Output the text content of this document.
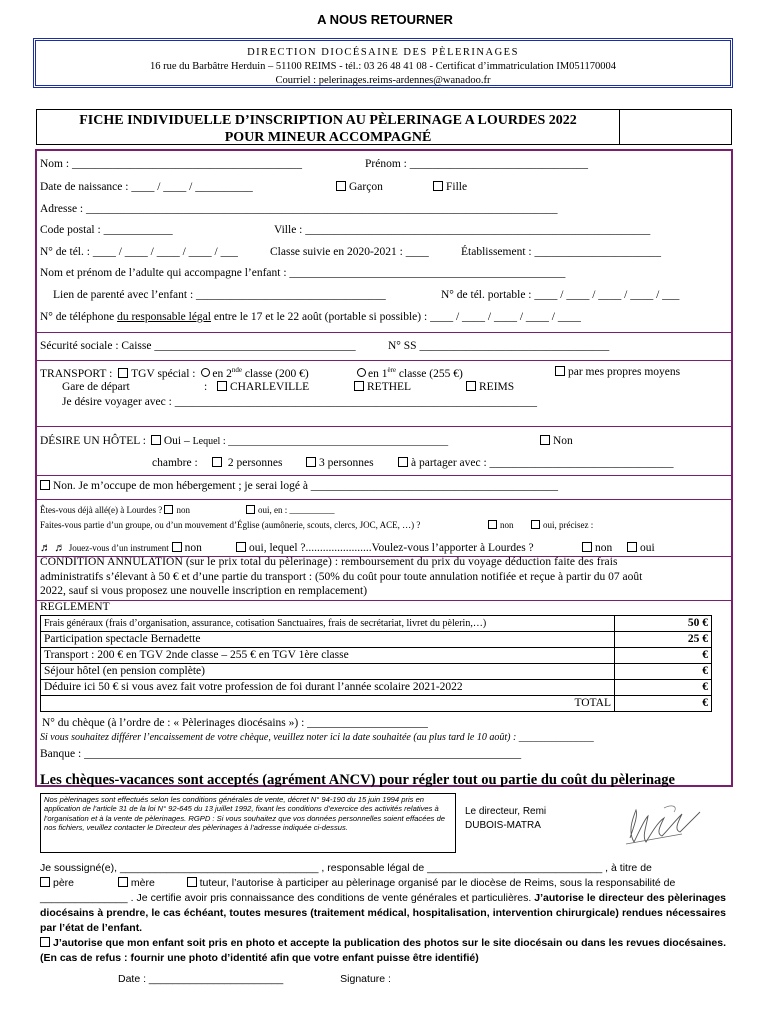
A NOUS RETOURNER
DIRECTION DIOCÉSAINE DES PÈLERINAGES
16 rue du Barbâtre Herduin – 51100 REIMS - tél.: 03 26 48 41 08 - Certificat d’immatriculation IM051170004
Courriel : pelerinages.reims-ardennes@wanadoo.fr
FICHE INDIVIDUELLE D’INSCRIPTION AU PÈLERINAGE A LOURDES 2022
POUR MINEUR ACCOMPAGNÉ
Nom : ________________________________________	Prénom : _______________________________
Date de naissance : ____ / ____ / __________	Garçon	Fille
Adresse : __________________________________________________________________________________
Code postal : ____________	Ville : ____________________________________________________________
N° de tél. : ____ / ____ / ____ / ____ / ___	Classe suivie en 2020-2021 : ____	Établissement : ______________________
Nom et prénom de l’adulte qui accompagne l’enfant : ________________________________________________
Lien de parenté avec l’enfant : _________________________________	N° de tél. portable : ____ / ____ / ____ / ____ / ___
N° de téléphone du responsable légal entre le 17 et le 22 août (portable si possible) : ____ / ____ / ____ / ____ / ____
Sécurité sociale : Caisse ___________________________________	N° SS _________________________________
TRANSPORT : TGV spécial : en 2nde classe (200 €)	en 1ère classe (255 €)	par mes propres moyens
Gare de départ	:	CHARLEVILLE	RETHEL	REIMS
Je désire voyager avec : _______________________________________________________________
DÉSIRE UN HÔTEL : Oui – Lequel : ____________________________________________	Non
chambre :	2 personnes	3 personnes	à partager avec : ________________________________
Non. Je m’occupe de mon hébergement ; je serai logé à ___________________________________________
Êtes-vous déjà allé(e) à Lourdes ? non	oui, en : __________
Faites-vous partie d’un groupe, ou d’un mouvement d’Église (aumônerie, scouts, clercs, JOC, ACE, …) ?	non	oui, précisez :
♬ ♬ Jouez-vous d’un instrument non	oui, lequel ?.......................Voulez-vous l’apporter à Lourdes ?	non	oui
CONDITION ANNULATION (sur le prix total du pèlerinage) : remboursement du prix du voyage déduction faite des frais
administratifs s’élevant à 50 € et d’une partie du transport : (50% du coût pour toute annulation notifiée et reçue à partir du 07 août
2022, sauf si vous proposez une nouvelle inscription en remplacement)
REGLEMENT
Frais généraux (frais d’organisation, assurance, cotisation Sanctuaires, frais de secrétariat, livret du pèlerin,…)	50 €
Participation spectacle Bernadette	25 €
Transport : 200 € en TGV 2nde classe – 255 € en TGV 1ère classe	€
Séjour hôtel (en pension complète)	€
Déduire ici 50 € si vous avez fait votre profession de foi durant l’année scolaire 2021-2022	€
TOTAL	€
N° du chèque (à l’ordre de : « Pèlerinages diocésains ») : _____________________
Si vous souhaitez différer l’encaissement de votre chèque, veuillez noter ici la date souhaitée (au plus tard le 10 août) : _______________
Banque : ____________________________________________________________________________
Les chèques-vacances sont acceptés (agrément ANCV) pour régler tout ou partie du coût du pèlerinage
Nos pèlerinages sont effectués selon les conditions générales de vente, décret N° 94-190 du 15 juin 1994 pris en application de l’article 31 de la loi N° 92-645 du 13 juillet 1992, fixant les conditions d’exercice des activités relatives à l’organisation et à la vente de pèlerinages. RGPD : Si vous souhaitez que vos données personnelles soient effacées de nos fichiers, veuillez contacter le Directeur des pèlerinages à l’adresse indiquée ci-dessus.
Le directeur, Remi
DUBOIS-MATRA

Je soussigné(e), __________________________________ , responsable légal de ______________________________ , à titre de

père	mère	tuteur, l’autorise à participer au pèlerinage organisé par le diocèse de Reims, sous la responsabilité de

_______________ . Je certifie avoir pris connaissance des conditions de vente générales et particulières. J’autorise le directeur des pèlerinages diocésains à prendre, le cas échéant, toutes mesures (traitement médical, hospitalisation, intervention chirurgicale) rendues nécessaires par l’état de l’enfant.

J’autorise que mon enfant soit pris en photo et accepte la publication des photos sur le site diocésain ou dans les revues diocésaines. (En cas de refus : fournir une photo d’identité afin que votre enfant puisse être identifié)

Date : _______________________	Signature :
